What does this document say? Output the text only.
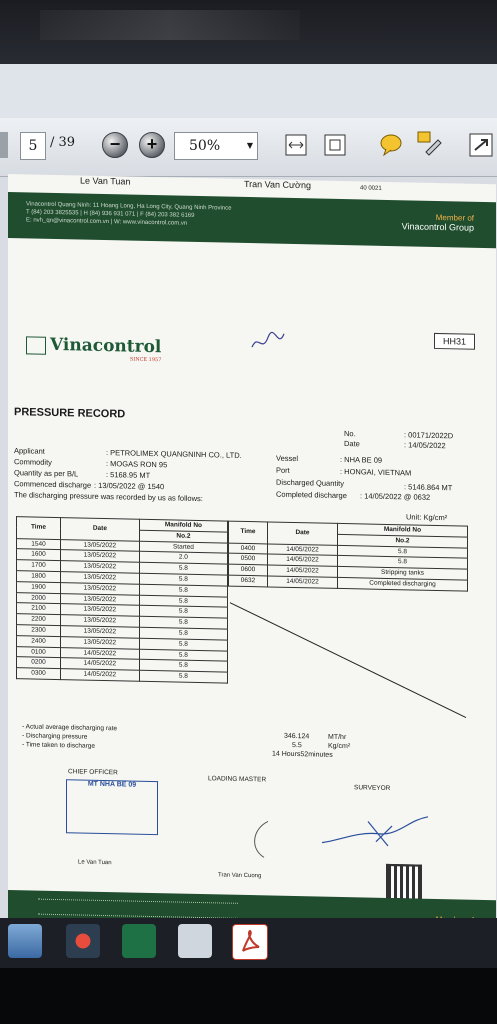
5 / 39	−	+	50%	▼
Le Van Tuan	Tran Van Cường	40 0021
Vinacontrol Quang Ninh: 11 Hoang Long, Ha Long City, Quang Ninh Province
T (84) 203 3825535 | H (84) 936 931 071 | F (84) 203 382 6169
E: nvh_qn@vinacontrol.com.vn | W: www.vinacontrol.com.vn	Member of
Vinacontrol Group
Vinacontrol
SINCE 1957
HH31
PRESSURE RECORD
No.	: 00171/2022D
Date	: 14/05/2022
Applicant	: PETROLIMEX QUANGNINH CO., LTD.
Commodity	: MOGAS RON 95
Quantity as per B/L	: 5168.95 MT
Commenced discharge : 13/05/2022 @ 1540
The discharging pressure was recorded by us as follows:
Vessel	: NHA BE 09
Port	: HONGAI, VIETNAM
Discharged Quantity	: 5146.864 MT
Completed discharge : 14/05/2022 @ 0632
Unit: Kg/cm²
Time	Date	Manifold No
		No.2
1540	13/05/2022	Started
1600	13/05/2022	2.0
1700	13/05/2022	5.8
1800	13/05/2022	5.8
1900	13/05/2022	5.8
2000	13/05/2022	5.8
2100	13/05/2022	5.8
2200	13/05/2022	5.8
2300	13/05/2022	5.8
2400	13/05/2022	5.8
0100	14/05/2022	5.8
0200	14/05/2022	5.8
0300	14/05/2022	5.8
Time	Date	Manifold No
		No.2
0400	14/05/2022	5.8
0500	14/05/2022	5.8
0600	14/05/2022	Stripping tanks
0632	14/05/2022	Completed discharging
- Actual average discharging rate
- Discharging pressure
- Time taken to discharge
346.124	MT/hr
5.5	Kg/cm²
14 Hours52minutes
CHIEF OFFICER
MT NHA BE 09
LOADING MASTER
SURVEYOR
Le Van Tuan
Tran Van Cuong
